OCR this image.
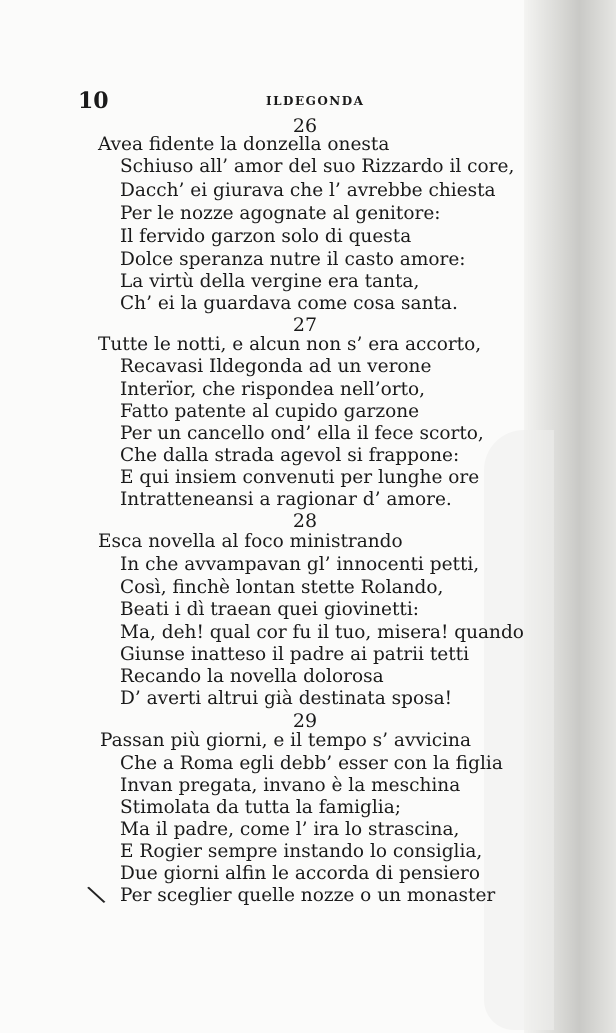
10	ILDEGONDA
26
Avea fidente la donzella onesta
Schiuso all’ amor del suo Rizzardo il core,
Dacch’ ei giurava che l’ avrebbe chiesta
Per le nozze agognate al genitore:
Il fervido garzon solo di questa
Dolce speranza nutre il casto amore:
La virtù della vergine era tanta,
Ch’ ei la guardava come cosa santa.
27
Tutte le notti, e alcun non s’ era accorto,
Recavasi Ildegonda ad un verone
Interïor, che rispondea nell’orto,
Fatto patente al cupido garzone
Per un cancello ond’ ella il fece scorto,
Che dalla strada agevol si frappone:
E qui insiem convenuti per lunghe ore
Intratteneansi a ragionar d’ amore.
28
Esca novella al foco ministrando
In che avvampavan gl’ innocenti petti,
Così, finchè lontan stette Rolando,
Beati i dì traean quei giovinetti:
Ma, deh! qual cor fu il tuo, misera! quando
Giunse inatteso il padre ai patrii tetti
Recando la novella dolorosa
D’ averti altrui già destinata sposa!
29
Passan più giorni, e il tempo s’ avvicina
Che a Roma egli debb’ esser con la figlia
Invan pregata, invano è la meschina
Stimolata da tutta la famiglia;
Ma il padre, come l’ ira lo strascina,
E Rogier sempre instando lo consiglia,
Due giorni alfin le accorda di pensiero
Per sceglier quelle nozze o un monaster
\
